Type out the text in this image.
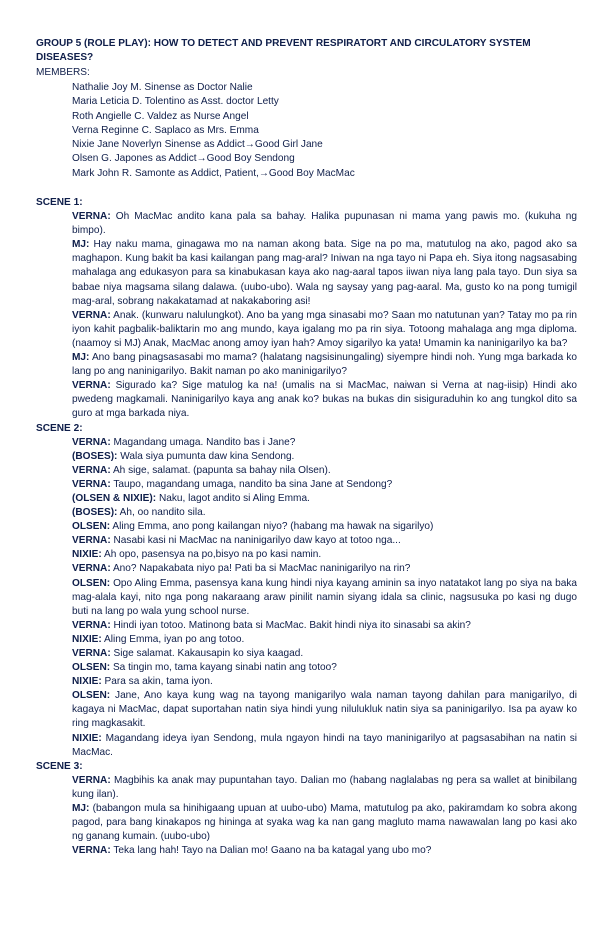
GROUP 5 (ROLE PLAY): HOW TO DETECT AND PREVENT RESPIRATORT AND CIRCULATORY SYSTEM DISEASES?
MEMBERS:
Nathalie Joy M. Sinense as Doctor Nalie
Maria Leticia D. Tolentino as Asst. doctor Letty
Roth Angielle C. Valdez as Nurse Angel
Verna Reginne C. Saplaco as Mrs. Emma
Nixie Jane Noverlyn Sinense as Addict→Good Girl Jane
Olsen G. Japones as Addict→Good Boy Sendong
Mark John R. Samonte as Addict, Patient,→Good Boy MacMac
SCENE 1:
VERNA: Oh MacMac andito kana pala sa bahay. Halika pupunasan ni mama yang pawis mo. (kukuha ng bimpo).
MJ: Hay naku mama, ginagawa mo na naman akong bata. Sige na po ma, matutulog na ako, pagod ako sa maghapon. Kung bakit ba kasi kailangan pang mag-aral? Iniwan na nga tayo ni Papa eh. Siya itong nagsasabing mahalaga ang edukasyon para sa kinabukasan kaya ako nag-aaral tapos iiwan niya lang pala tayo. Dun siya sa babae niya magsama silang dalawa. (uubo-ubo). Wala ng saysay yang pag-aaral. Ma, gusto ko na pong tumigil mag-aral, sobrang nakakatamad at nakakaboring asi!
VERNA: Anak. (kunwaru nalulungkot). Ano ba yang mga sinasabi mo? Saan mo natutunan yan? Tatay mo pa rin iyon kahit pagbalik-baliktarin mo ang mundo, kaya igalang mo pa rin siya. Totoong mahalaga ang mga diploma. (naamoy si MJ) Anak, MacMac anong amoy iyan hah? Amoy sigarilyo ka yata! Umamin ka naninigarilyo ka ba?
MJ: Ano bang pinagsasasabi mo mama? (halatang nagsisinungaling) siyempre hindi noh. Yung mga barkada ko lang po ang naninigarilyo. Bakit naman po ako maninigarilyo?
VERNA: Sigurado ka? Sige matulog ka na! (umalis na si MacMac, naiwan si Verna at nag-iisip) Hindi ako pwedeng magkamali. Naninigarilyo kaya ang anak ko? bukas na bukas din sisiguraduhin ko ang tungkol dito sa guro at mga barkada niya.
SCENE 2:
VERNA: Magandang umaga. Nandito bas i Jane?
(BOSES): Wala siya pumunta daw kina Sendong.
VERNA: Ah sige, salamat. (papunta sa bahay nila Olsen).
VERNA: Taupo, magandang umaga, nandito ba sina Jane at Sendong?
(OLSEN & NIXIE): Naku, lagot andito si Aling Emma.
(BOSES): Ah, oo nandito sila.
OLSEN: Aling Emma, ano pong kailangan niyo? (habang ma hawak na sigarilyo)
VERNA: Nasabi kasi ni MacMac na naninigarilyo daw kayo at totoo nga...
NIXIE: Ah opo, pasensya na po,bisyo na po kasi namin.
VERNA: Ano? Napakabata niyo pa! Pati ba si MacMac naninigarilyo na rin?
OLSEN: Opo Aling Emma, pasensya kana kung hindi niya kayang aminin sa inyo natatakot lang po siya na baka mag-alala kayi, nito nga pong nakaraang araw pinilit namin siyang idala sa clinic, nagsusuka po kasi ng dugo buti na lang po wala yung school nurse.
VERNA: Hindi iyan totoo. Matinong bata si MacMac. Bakit hindi niya ito sinasabi sa akin?
NIXIE: Aling Emma, iyan po ang totoo.
VERNA: Sige salamat. Kakausapin ko siya kaagad.
OLSEN: Sa tingin mo, tama kayang sinabi natin ang totoo?
NIXIE: Para sa akin, tama iyon.
OLSEN: Jane, Ano kaya kung wag na tayong manigarilyo wala naman tayong dahilan para manigarilyo, di kagaya ni MacMac, dapat suportahan natin siya hindi yung nilulukluk natin siya sa paninigarilyo. Isa pa ayaw ko ring magkasakit.
NIXIE: Magandang ideya iyan Sendong, mula ngayon hindi na tayo maninigarilyo at pagsasabihan na natin si MacMac.
SCENE 3:
VERNA: Magbihis ka anak may pupuntahan tayo. Dalian mo (habang naglalabas ng pera sa wallet at binibilang kung ilan).
MJ: (babangon mula sa hinihigaang upuan at uubo-ubo) Mama, matutulog pa ako, pakiramdam ko sobra akong pagod, para bang kinakapos ng hininga at syaka wag ka nan gang magluto mama nawawalan lang po kasi ako ng ganang kumain. (uubo-ubo)
VERNA: Teka lang hah! Tayo na Dalian mo! Gaano na ba katagal yang ubo mo?
